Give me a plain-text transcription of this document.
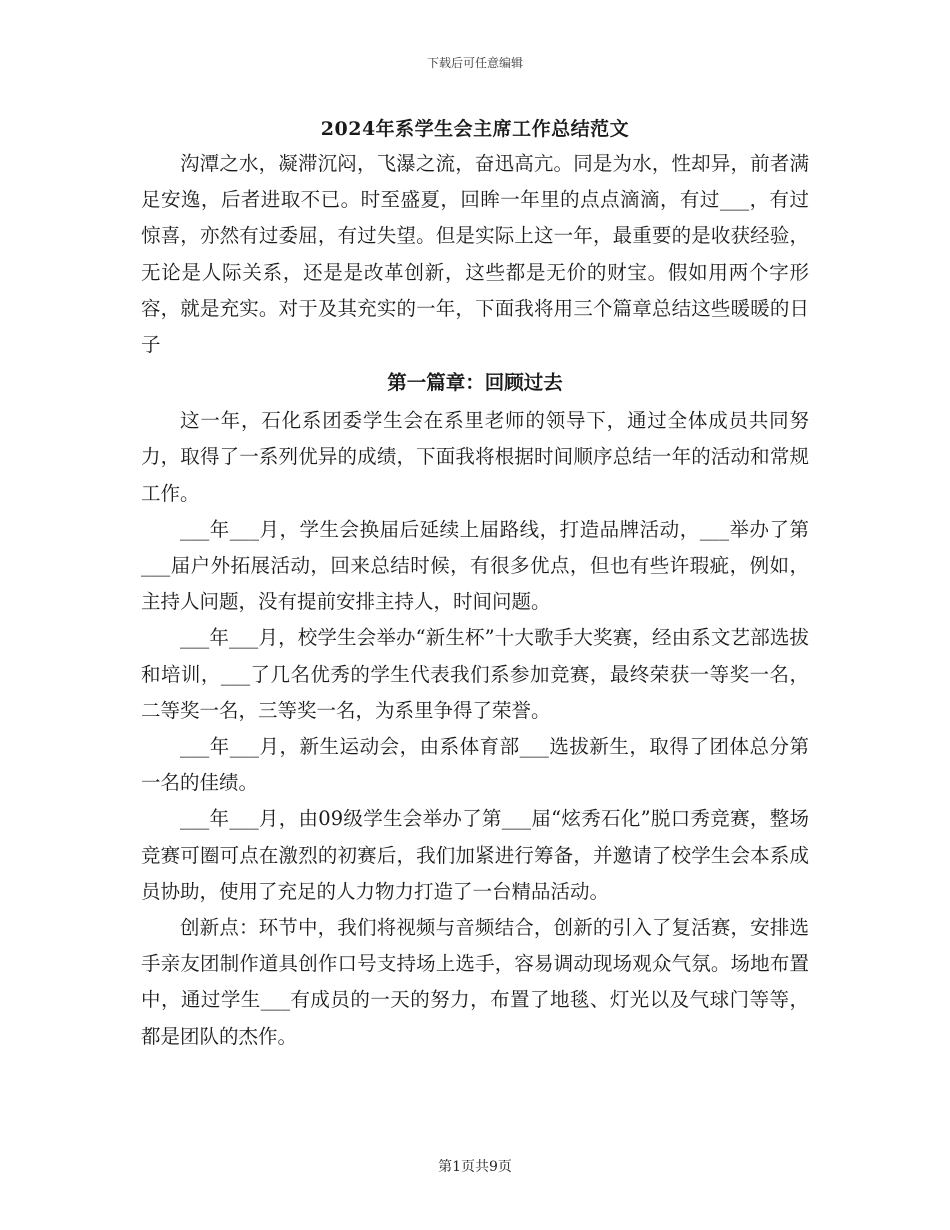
下载后可任意编辑
2024年系学生会主席工作总结范文

沟潭之水，凝滞沉闷，飞瀑之流，奋迅高亢。同是为水，性却异，前者满足安逸，后者进取不已。时至盛夏，回眸一年里的点点滴滴，有过___，有过惊喜，亦然有过委屈，有过失望。但是实际上这一年，最重要的是收获经验，无论是人际关系，还是是改革创新，这些都是无价的财宝。假如用两个字形容，就是充实。对于及其充实的一年，下面我将用三个篇章总结这些暖暖的日子

第一篇章：回顾过去

这一年，石化系团委学生会在系里老师的领导下，通过全体成员共同努力，取得了一系列优异的成绩，下面我将根据时间顺序总结一年的活动和常规工作。

___年___月，学生会换届后延续上届路线，打造品牌活动，___举办了第___届户外拓展活动，回来总结时候，有很多优点，但也有些许瑕疵，例如，主持人问题，没有提前安排主持人，时间问题。

___年___月，校学生会举办“新生杯”十大歌手大奖赛，经由系文艺部选拔和培训，___了几名优秀的学生代表我们系参加竞赛，最终荣获一等奖一名，二等奖一名，三等奖一名，为系里争得了荣誉。

___年___月，新生运动会，由系体育部___选拔新生，取得了团体总分第一名的佳绩。

___年___月，由09级学生会举办了第___届“炫秀石化”脱口秀竞赛，整场竞赛可圈可点在激烈的初赛后，我们加紧进行筹备，并邀请了校学生会本系成员协助，使用了充足的人力物力打造了一台精品活动。

创新点：环节中，我们将视频与音频结合，创新的引入了复活赛，安排选手亲友团制作道具创作口号支持场上选手，容易调动现场观众气氛。场地布置中，通过学生___有成员的一天的努力，布置了地毯、灯光以及气球门等等，都是团队的杰作。

第1页共9页
